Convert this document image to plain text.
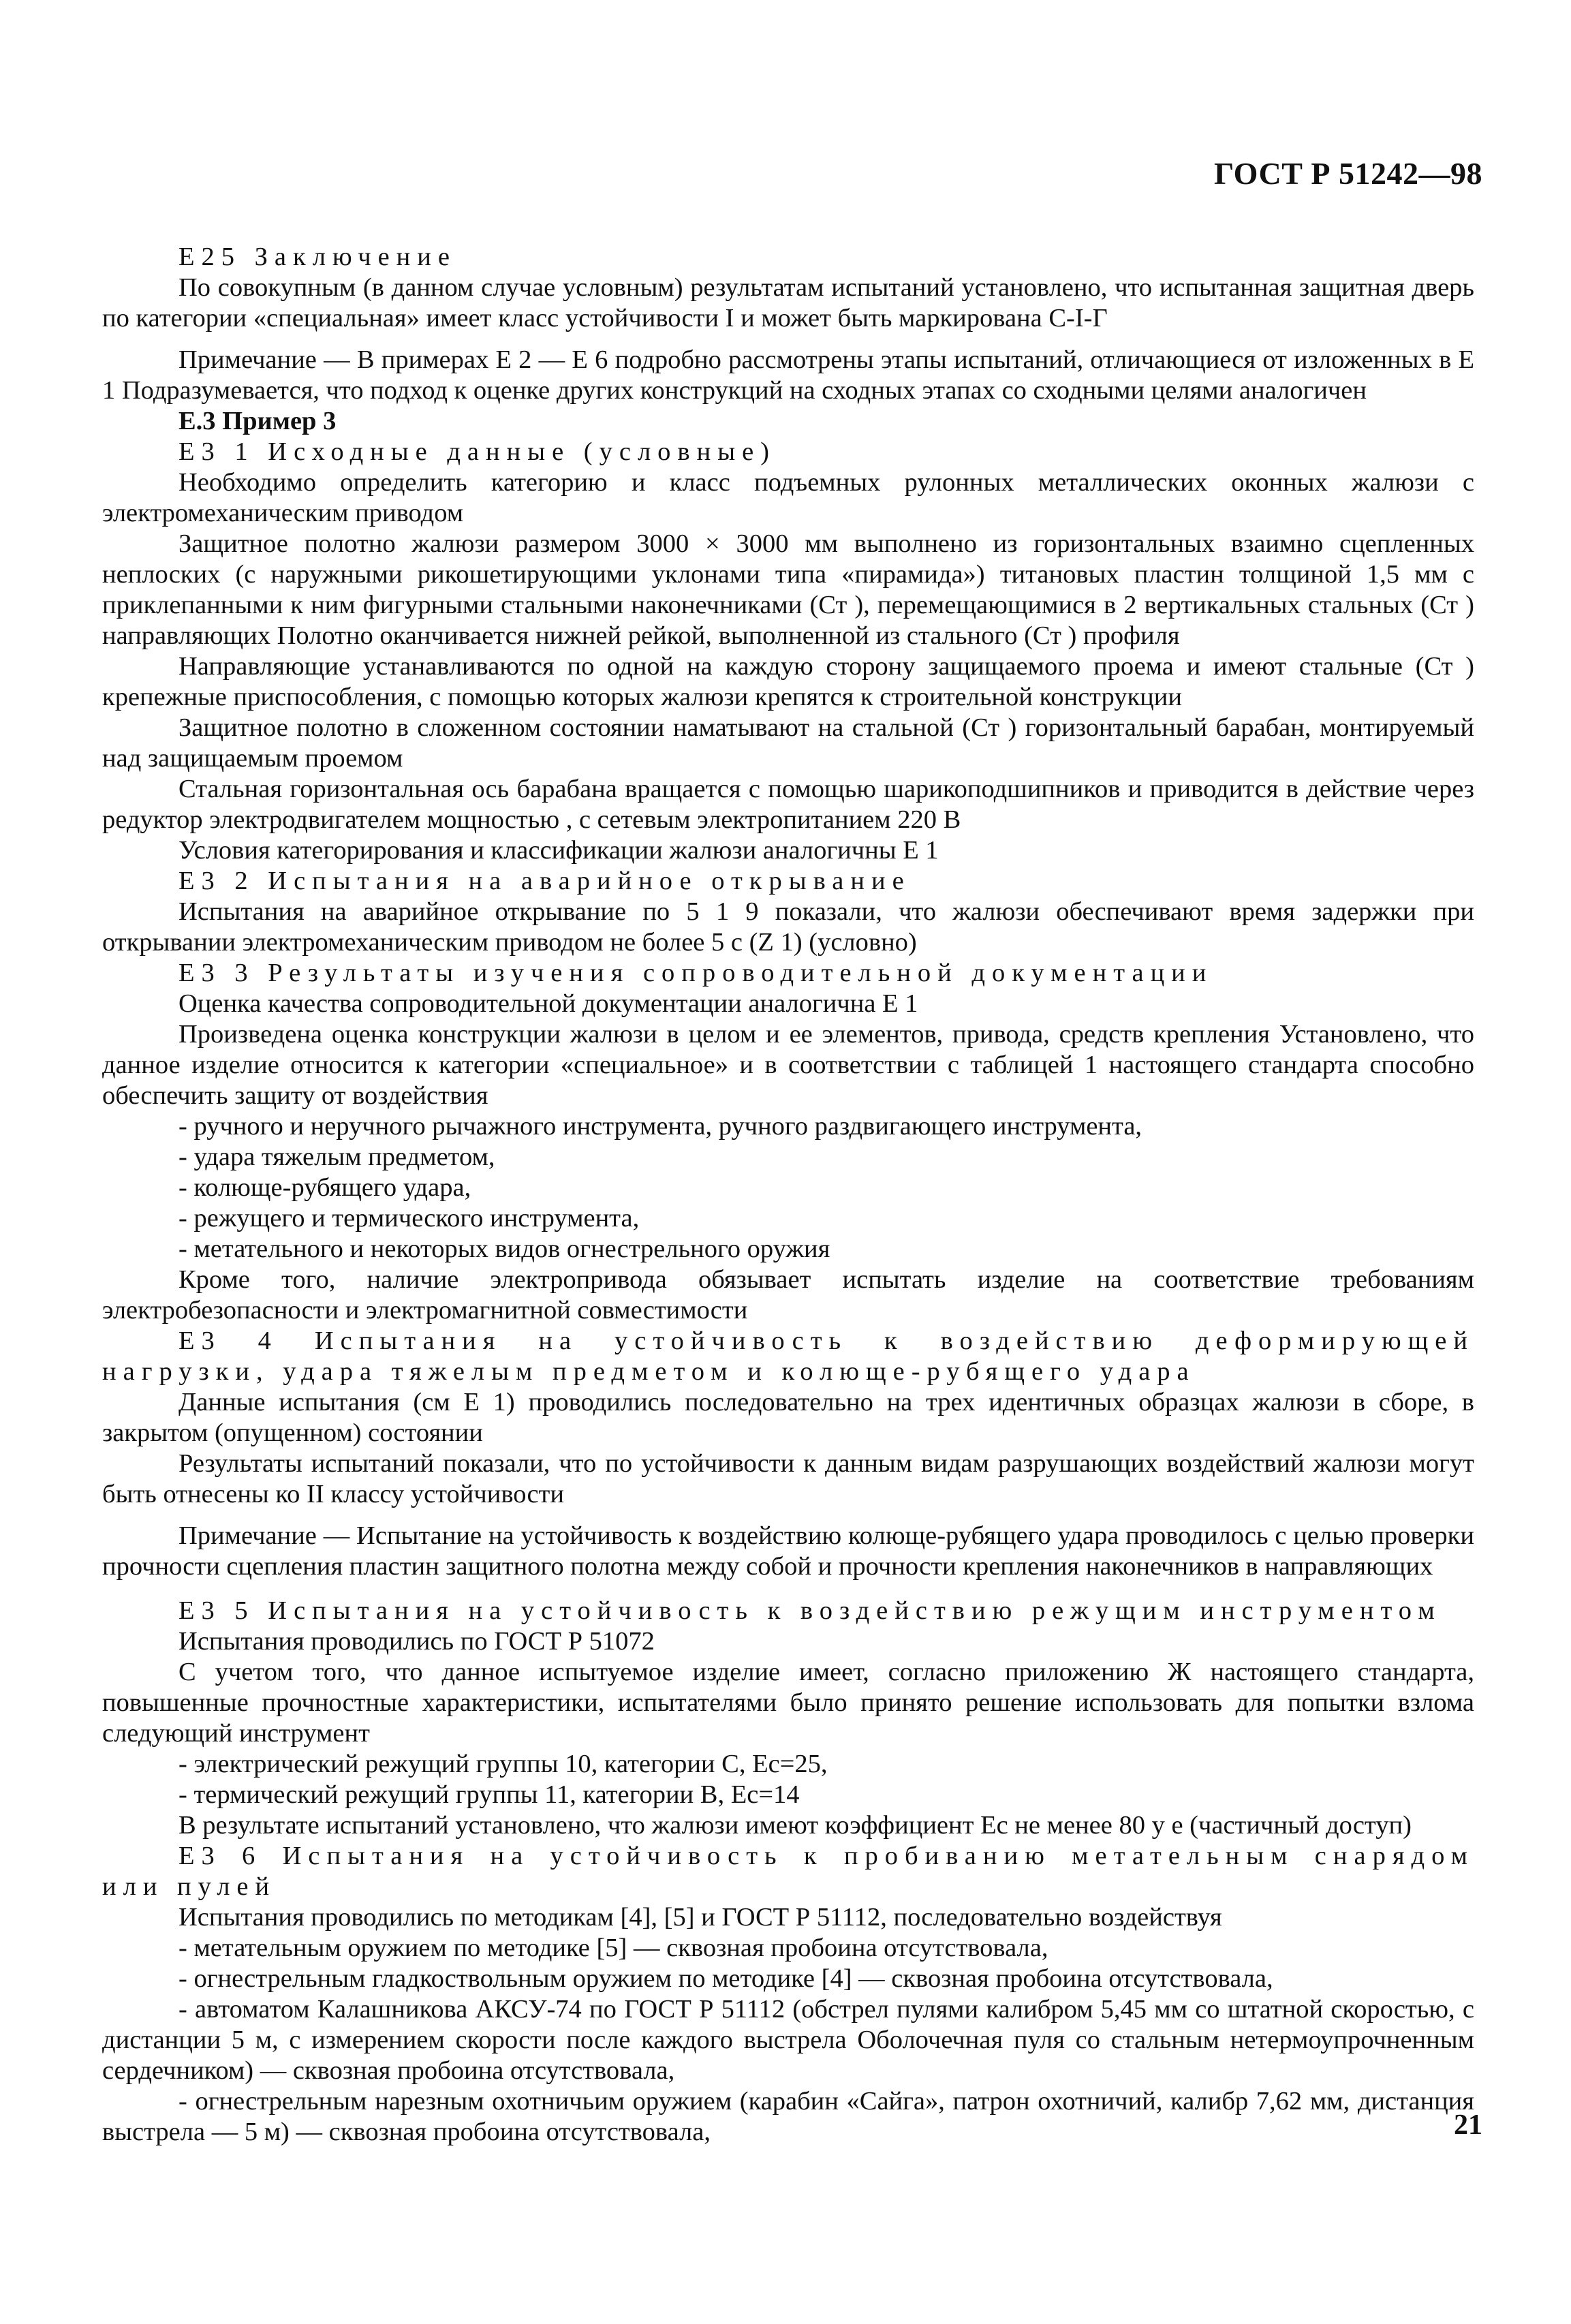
ГОСТ Р 51242—98

Е25 Заключение

По совокупным (в данном случае условным) результатам испытаний установлено, что испытанная защитная дверь по категории «специальная» имеет класс устойчивости I и может быть маркирована С-I-Г

Примечание — В примерах Е 2 — Е 6 подробно рассмотрены этапы испытаний, отличающиеся от изложенных в Е 1 Подразумевается, что подход к оценке других конструкций на сходных этапах со сходными целями аналогичен

Е.3 Пример 3

Е3 1 Исходные данные (условные)

Необходимо определить категорию и класс подъемных рулонных металлических оконных жалюзи с электромеханическим приводом

Защитное полотно жалюзи размером 3000 × 3000 мм выполнено из горизонтальных взаимно сцепленных неплоских (с наружными рикошетирующими уклонами типа «пирамида») титановых пластин толщиной 1,5 мм с приклепанными к ним фигурными стальными наконечниками (Ст ), перемещающимися в 2 вертикальных стальных (Ст ) направляющих Полотно оканчивается нижней рейкой, выполненной из стального (Ст ) профиля

Направляющие устанавливаются по одной на каждую сторону защищаемого проема и имеют стальные (Ст ) крепежные приспособления, с помощью которых жалюзи крепятся к строительной конструкции

Защитное полотно в сложенном состоянии наматывают на стальной (Ст ) горизонтальный барабан, монтируемый над защищаемым проемом

Стальная горизонтальная ось барабана вращается с помощью шарикоподшипников и приводится в действие через редуктор электродвигателем мощностью , с сетевым электропитанием 220 В

Условия категорирования и классификации жалюзи аналогичны Е 1

Е3 2 Испытания на аварийное открывание

Испытания на аварийное открывание по 5 1 9 показали, что жалюзи обеспечивают время задержки при открывании электромеханическим приводом не более 5 с (Z 1) (условно)

Е3 3 Результаты изучения сопроводительной документации

Оценка качества сопроводительной документации аналогична Е 1

Произведена оценка конструкции жалюзи в целом и ее элементов, привода, средств крепления Установлено, что данное изделие относится к категории «специальное» и в соответствии с таблицей 1 настоящего стандарта способно обеспечить защиту от воздействия

- ручного и неручного рычажного инструмента, ручного раздвигающего инструмента,

- удара тяжелым предметом,

- колюще-рубящего удара,

- режущего и термического инструмента,

- метательного и некоторых видов огнестрельного оружия

Кроме того, наличие электропривода обязывает испытать изделие на соответствие требованиям электробезопасности и электромагнитной совместимости

Е3 4 Испытания на устойчивость к воздействию деформирующей нагрузки, удара тяжелым предметом и колюще-рубящего удара

Данные испытания (см Е 1) проводились последовательно на трех идентичных образцах жалюзи в сборе, в закрытом (опущенном) состоянии

Результаты испытаний показали, что по устойчивости к данным видам разрушающих воздействий жалюзи могут быть отнесены ко II классу устойчивости

Примечание — Испытание на устойчивость к воздействию колюще-рубящего удара проводилось с целью проверки прочности сцепления пластин защитного полотна между собой и прочности крепления наконечников в направляющих

Е3 5 Испытания на устойчивость к воздействию режущим инструментом

Испытания проводились по ГОСТ Р 51072

С учетом того, что данное испытуемое изделие имеет, согласно приложению Ж настоящего стандарта, повышенные прочностные характеристики, испытателями было принято решение использовать для попытки взлома следующий инструмент

- электрический режущий группы 10, категории С, Еc=25,

- термический режущий группы 11, категории В, Еc=14

В результате испытаний установлено, что жалюзи имеют коэффициент Еc не менее 80 у е (частичный доступ)

Е3 6 Испытания на устойчивость к пробиванию метательным снарядом или пулей

Испытания проводились по методикам [4], [5] и ГОСТ Р 51112, последовательно воздействуя

- метательным оружием по методике [5] — сквозная пробоина отсутствовала,

- огнестрельным гладкоствольным оружием по методике [4] — сквозная пробоина отсутствовала,

- автоматом Калашникова АКСУ-74 по ГОСТ Р 51112 (обстрел пулями калибром 5,45 мм со штатной скоростью, с дистанции 5 м, с измерением скорости после каждого выстрела Оболочечная пуля со стальным нетермоупрочненным сердечником) — сквозная пробоина отсутствовала,

- огнестрельным нарезным охотничьим оружием (карабин «Сайга», патрон охотничий, калибр 7,62 мм, дистанция выстрела — 5 м) — сквозная пробоина отсутствовала,	21
